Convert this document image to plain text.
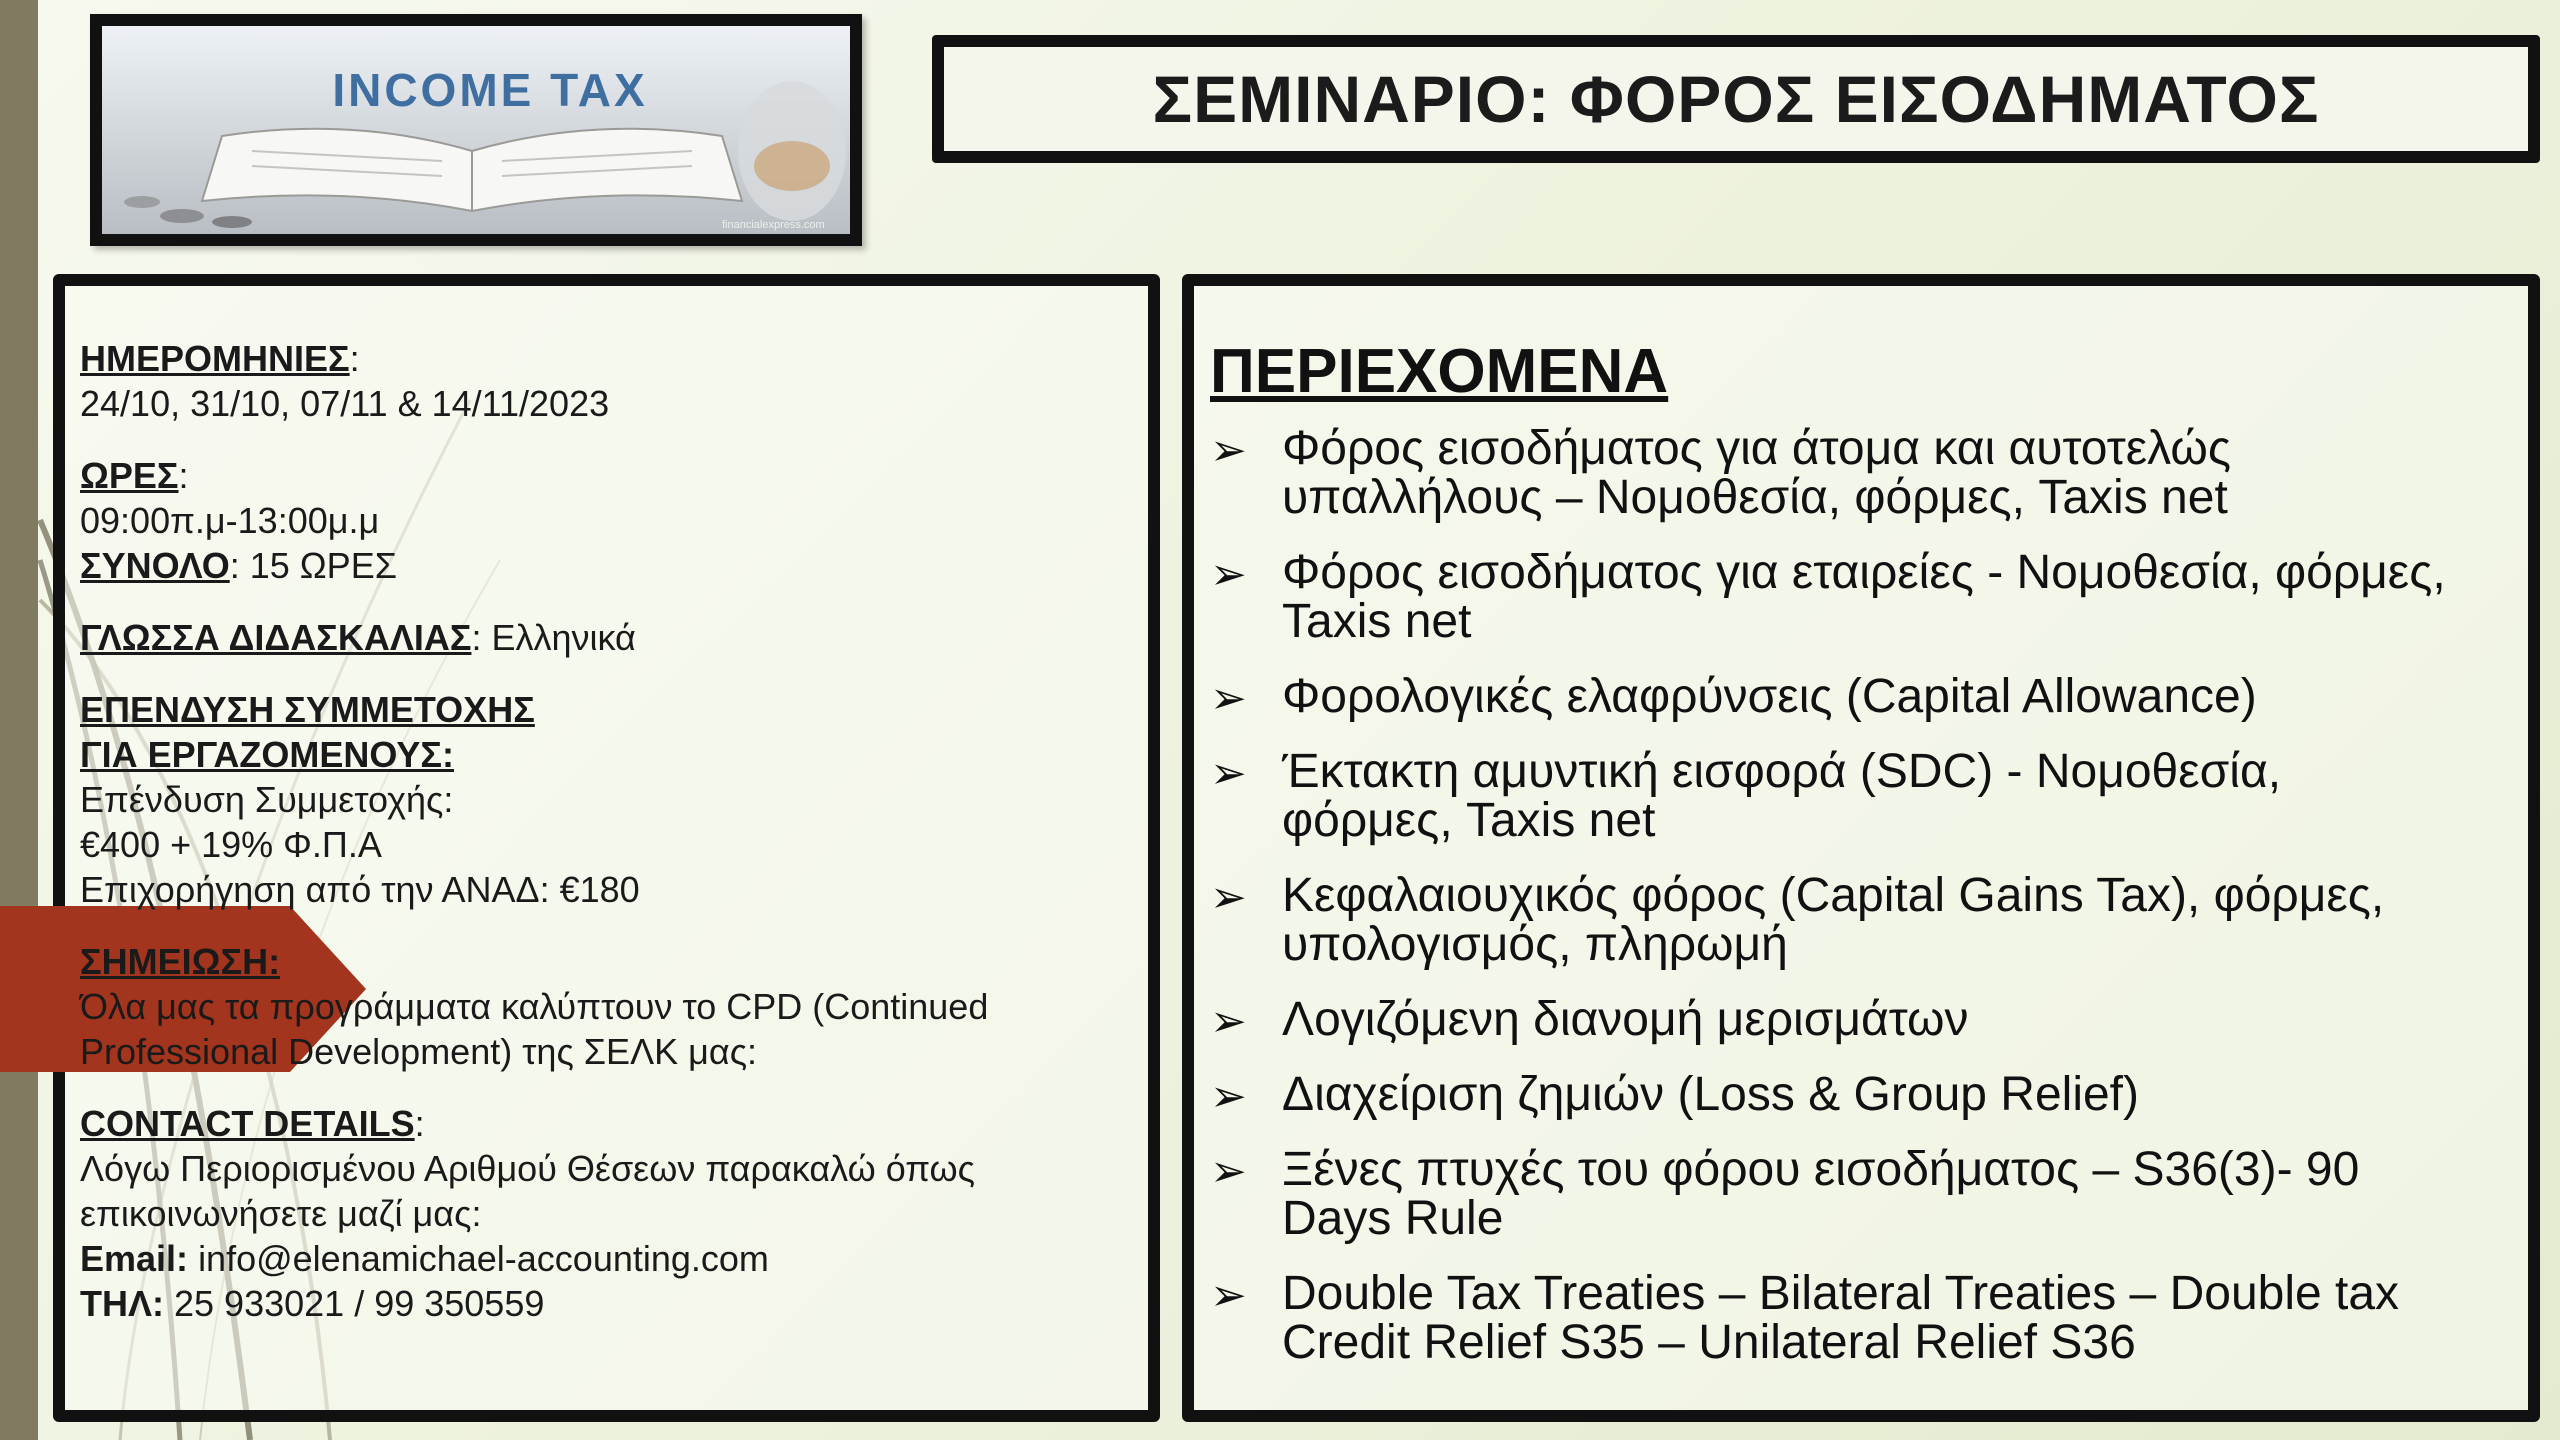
INCOME TAX
financialexpress.com
ΣΕΜΙΝΑΡΙΟ: ΦΟΡΟΣ ΕΙΣΟΔΗΜΑΤΟΣ
ΗΜΕΡΟΜΗΝΙΕΣ:
24/10, 31/10, 07/11 & 14/11/2023
ΩΡΕΣ:
09:00π.μ-13:00μ.μ
ΣΥΝΟΛΟ: 15 ΩΡΕΣ
ΓΛΩΣΣΑ ΔΙΔΑΣΚΑΛΙΑΣ: Ελληνικά
ΕΠΕΝΔΥΣΗ ΣΥΜΜΕΤΟΧΗΣ
ΓΙΑ ΕΡΓΑΖΟΜΕΝΟΥΣ:
Επένδυση Συμμετοχής:
€400 + 19% Φ.Π.Α
Επιχορήγηση από την ΑΝΑΔ: €180
ΣΗΜΕΙΩΣΗ:
Όλα μας τα προγράμματα καλύπτουν το CPD (Continued
Professional Development) της ΣΕΛΚ μας:
CONTACT DETAILS:
Λόγω Περιορισμένου Αριθμού Θέσεων παρακαλώ όπως
επικοινωνήσετε μαζί μας:
Email: info@elenamichael-accounting.com
ΤΗΛ: 25 933021 / 99 350559
ΠΕΡΙΕΧΟΜΕΝΑ
➢ Φόρος εισοδήματος για άτομα και αυτοτελώς
υπαλλήλους – Νομοθεσία, φόρμες, Taxis net
➢ Φόρος εισοδήματος για εταιρείες - Νομοθεσία, φόρμες,
Taxis net
➢ Φορολογικές ελαφρύνσεις (Capital Allowance)
➢ Έκτακτη αμυντική εισφορά (SDC) - Νομοθεσία,
φόρμες, Taxis net
➢ Κεφαλαιουχικός φόρος (Capital Gains Tax), φόρμες,
υπολογισμός, πληρωμή
➢ Λογιζόμενη διανομή μερισμάτων
➢ Διαχείριση ζημιών (Loss & Group Relief)
➢ Ξένες πτυχές του φόρου εισοδήματος – S36(3)- 90
Days Rule
➢ Double Tax Treaties – Bilateral Treaties – Double tax
Credit Relief S35 – Unilateral Relief S36
